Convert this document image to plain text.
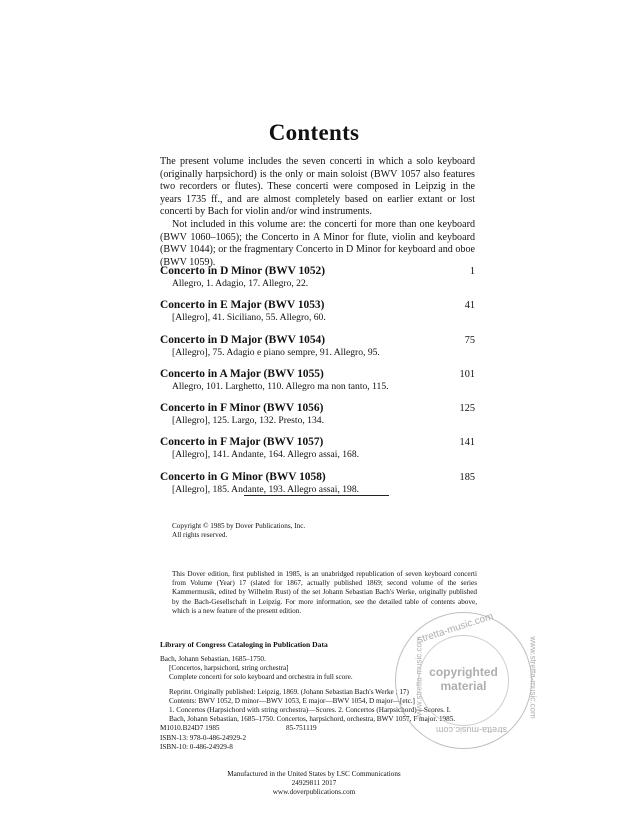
Contents

The present volume includes the seven concerti in which a solo keyboard (originally harpsichord) is the only or main soloist (BWV 1057 also features two recorders or flutes). These concerti were composed in Leipzig in the years 1735 ff., and are almost completely based on earlier extant or lost concerti by Bach for violin and/or wind instruments.

Not included in this volume are: the concerti for more than one keyboard (BWV 1060–1065); the Concerto in A Minor for flute, violin and keyboard (BWV 1044); or the fragmentary Concerto in D Minor for keyboard and oboe (BWV 1059).

Concerto in D Minor (BWV 1052)
Allegro, 1. Adagio, 17. Allegro, 22.
1
Concerto in E Major (BWV 1053)
[Allegro], 41. Siciliano, 55. Allegro, 60.
41
Concerto in D Major (BWV 1054)
[Allegro], 75. Adagio e piano sempre, 91. Allegro, 95.
75
Concerto in A Major (BWV 1055)
Allegro, 101. Larghetto, 110. Allegro ma non tanto, 115.
101
Concerto in F Minor (BWV 1056)
[Allegro], 125. Largo, 132. Presto, 134.
125
Concerto in F Major (BWV 1057)
[Allegro], 141. Andante, 164. Allegro assai, 168.
141
Concerto in G Minor (BWV 1058)
[Allegro], 185. Andante, 193. Allegro assai, 198.
185
Copyright © 1985 by Dover Publications, Inc.
All rights reserved.

This Dover edition, first published in 1985, is an unabridged republication of seven keyboard concerti from Volume (Year) 17 (slated for 1867, actually published 1869; second volume of the series Kammermusik, edited by Wilhelm Rust) of the set Johann Sebastian Bach's Werke, originally published by the Bach-Gesellschaft in Leipzig. For more information, see the detailed table of contents above, which is a new feature of the present edition.

Library of Congress Cataloging in Publication Data
Bach, Johann Sebastian, 1685–1750.
[Concertos, harpsichord, string orchestra]
Complete concerti for solo keyboard and orchestra in full score.
Reprint. Originally published: Leipzig, 1869. (Johann Sebastian Bach's Werke ; 17)
Contents: BWV 1052, D minor—BWV 1053, E major—BWV 1054, D major—[etc.]
1. Concertos (Harpsichord with string orchestra)—Scores. 2. Concertos (Harpsichord)—Scores. I. Bach, Johann Sebastian, 1685–1750. Concertos, harpsichord, orchestra, BWV 1057, F major. 1985.
M1010.B24D7 1985	85-751119
ISBN-13: 978-0-486-24929-2
ISBN-10: 0-486-24929-8
Manufactured in the United States by LSC Communications
24929811 2017
www.doverpublications.com
stretta-music.com
www.stretta-music.com	www.stretta-music.com
copyrighted
material
stretta-music.com
